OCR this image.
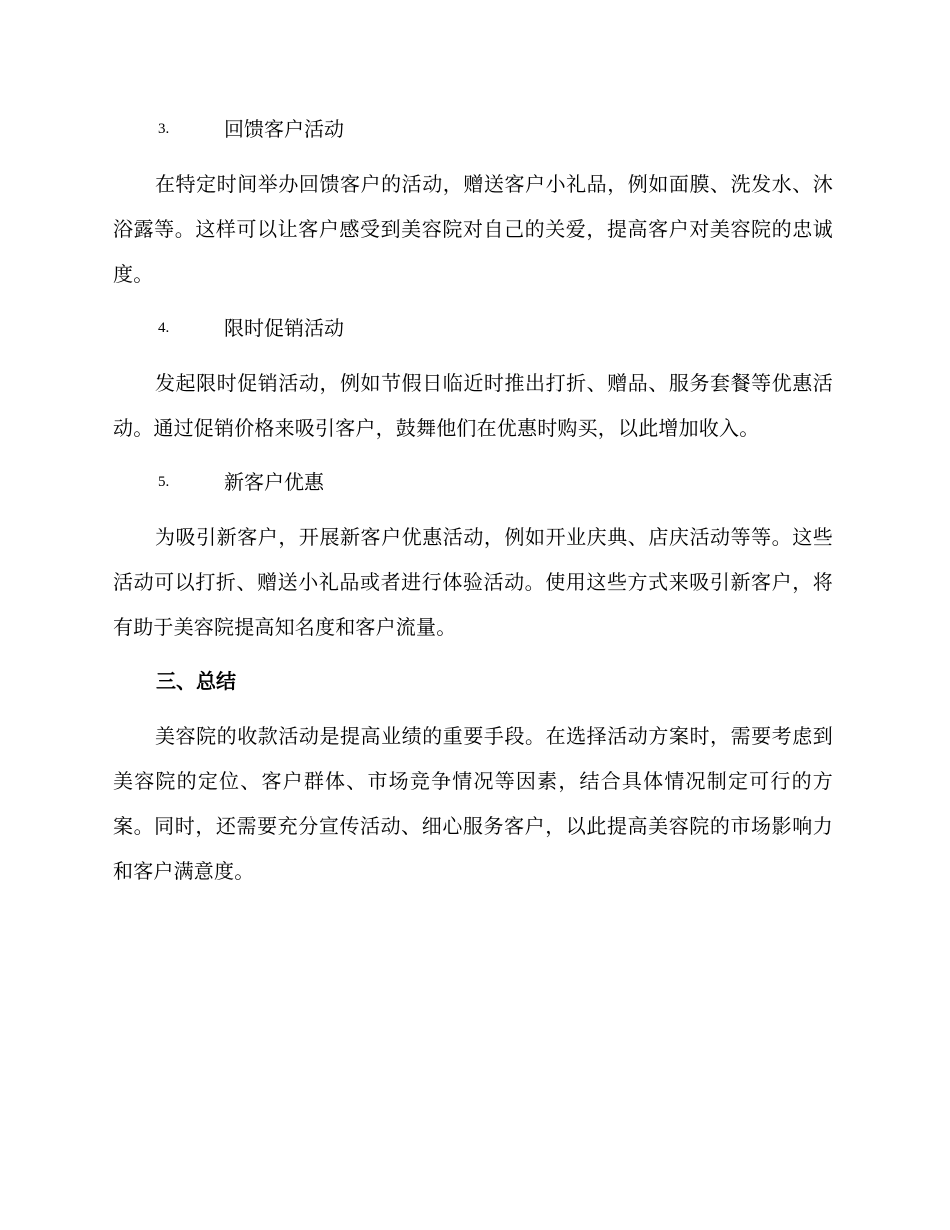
3.	回馈客户活动

在特定时间举办回馈客户的活动，赠送客户小礼品，例如面膜、洗发水、沐浴露等。这样可以让客户感受到美容院对自己的关爱，提高客户对美容院的忠诚度。

4.	限时促销活动

发起限时促销活动，例如节假日临近时推出打折、赠品、服务套餐等优惠活动。通过促销价格来吸引客户，鼓舞他们在优惠时购买，以此增加收入。

5.	新客户优惠

为吸引新客户，开展新客户优惠活动，例如开业庆典、店庆活动等等。这些活动可以打折、赠送小礼品或者进行体验活动。使用这些方式来吸引新客户，将有助于美容院提高知名度和客户流量。

三、总结

美容院的收款活动是提高业绩的重要手段。在选择活动方案时，需要考虑到美容院的定位、客户群体、市场竞争情况等因素，结合具体情况制定可行的方案。同时，还需要充分宣传活动、细心服务客户，以此提高美容院的市场影响力和客户满意度。
